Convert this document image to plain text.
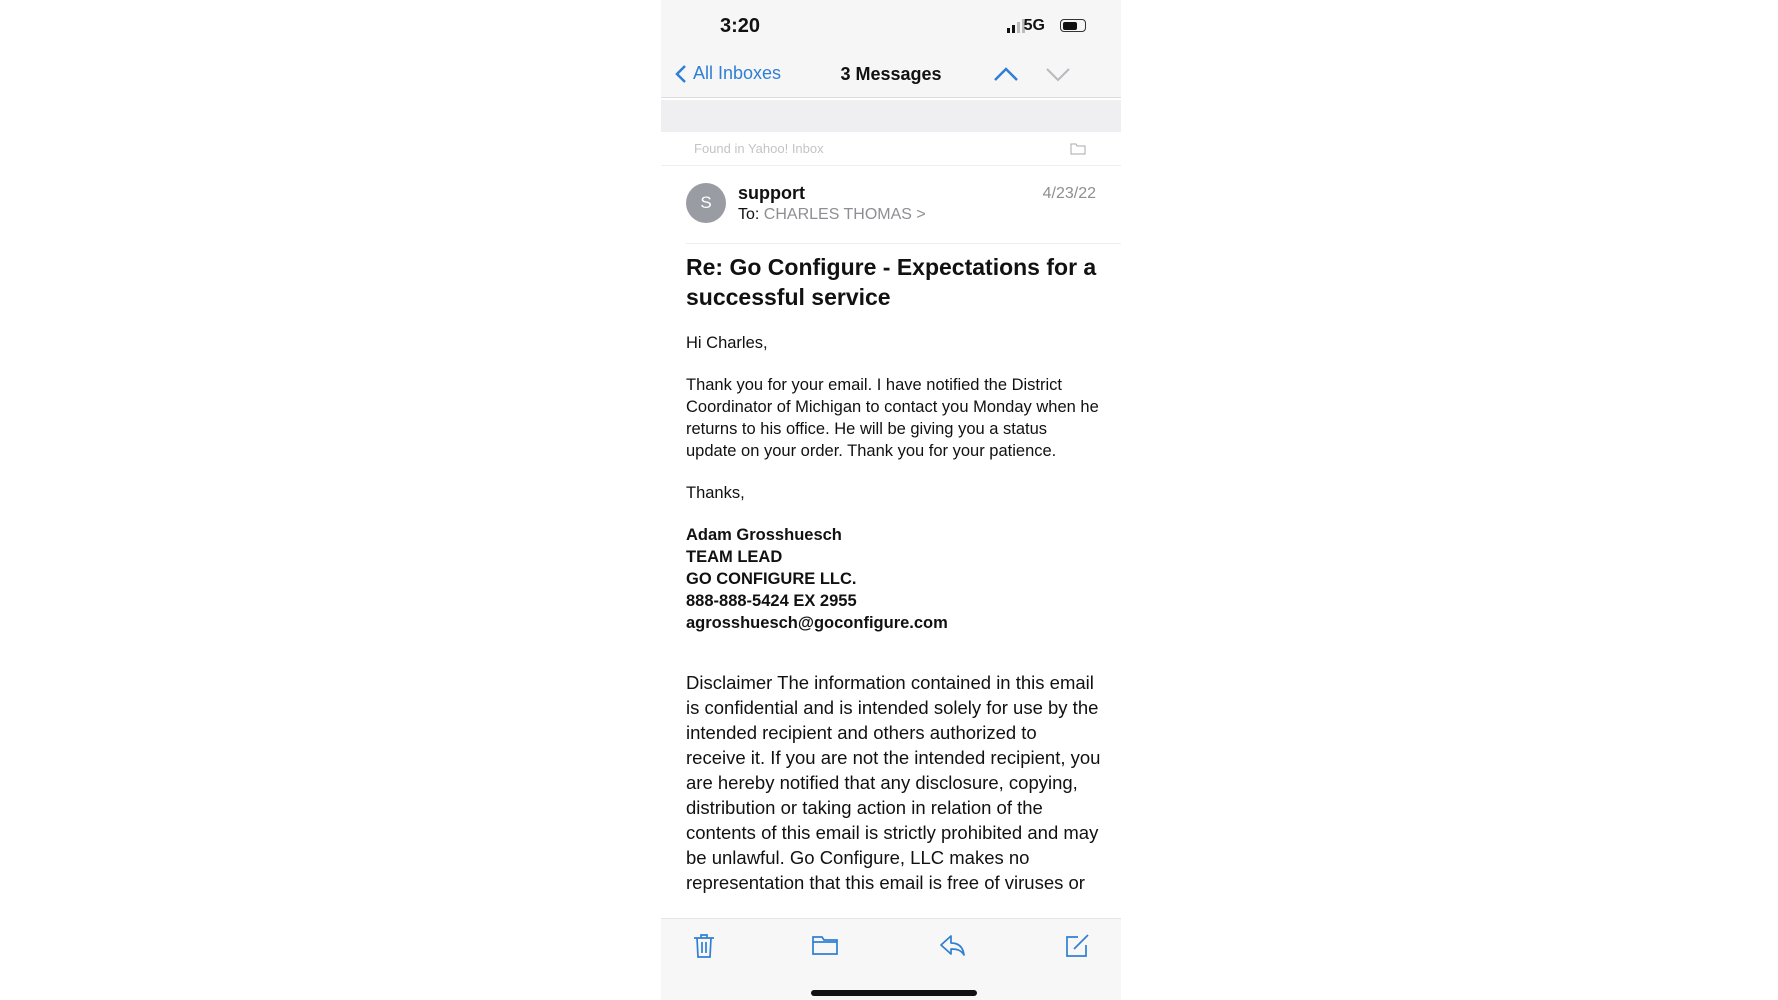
3:20	5G
All Inboxes	3 Messages
Found in Yahoo! Inbox
S	support
To: CHARLES THOMAS >
4/23/22
Re: Go Configure - Expectations for a successful service
Hi Charles,
Thank you for your email. I have notified the District Coordinator of Michigan to contact you Monday when he returns to his office. He will be giving you a status update on your order. Thank you for your patience.
Thanks,
Adam Grosshuesch
TEAM LEAD
GO CONFIGURE LLC.
888-888-5424 EX 2955
agrosshuesch@goconfigure.com
Disclaimer The information contained in this email is confidential and is intended solely for use by the intended recipient and others authorized to receive it. If you are not the intended recipient, you are hereby notified that any disclosure, copying, distribution or taking action in relation of the contents of this email is strictly prohibited and may be unlawful. Go Configure, LLC makes no representation that this email is free of viruses or
